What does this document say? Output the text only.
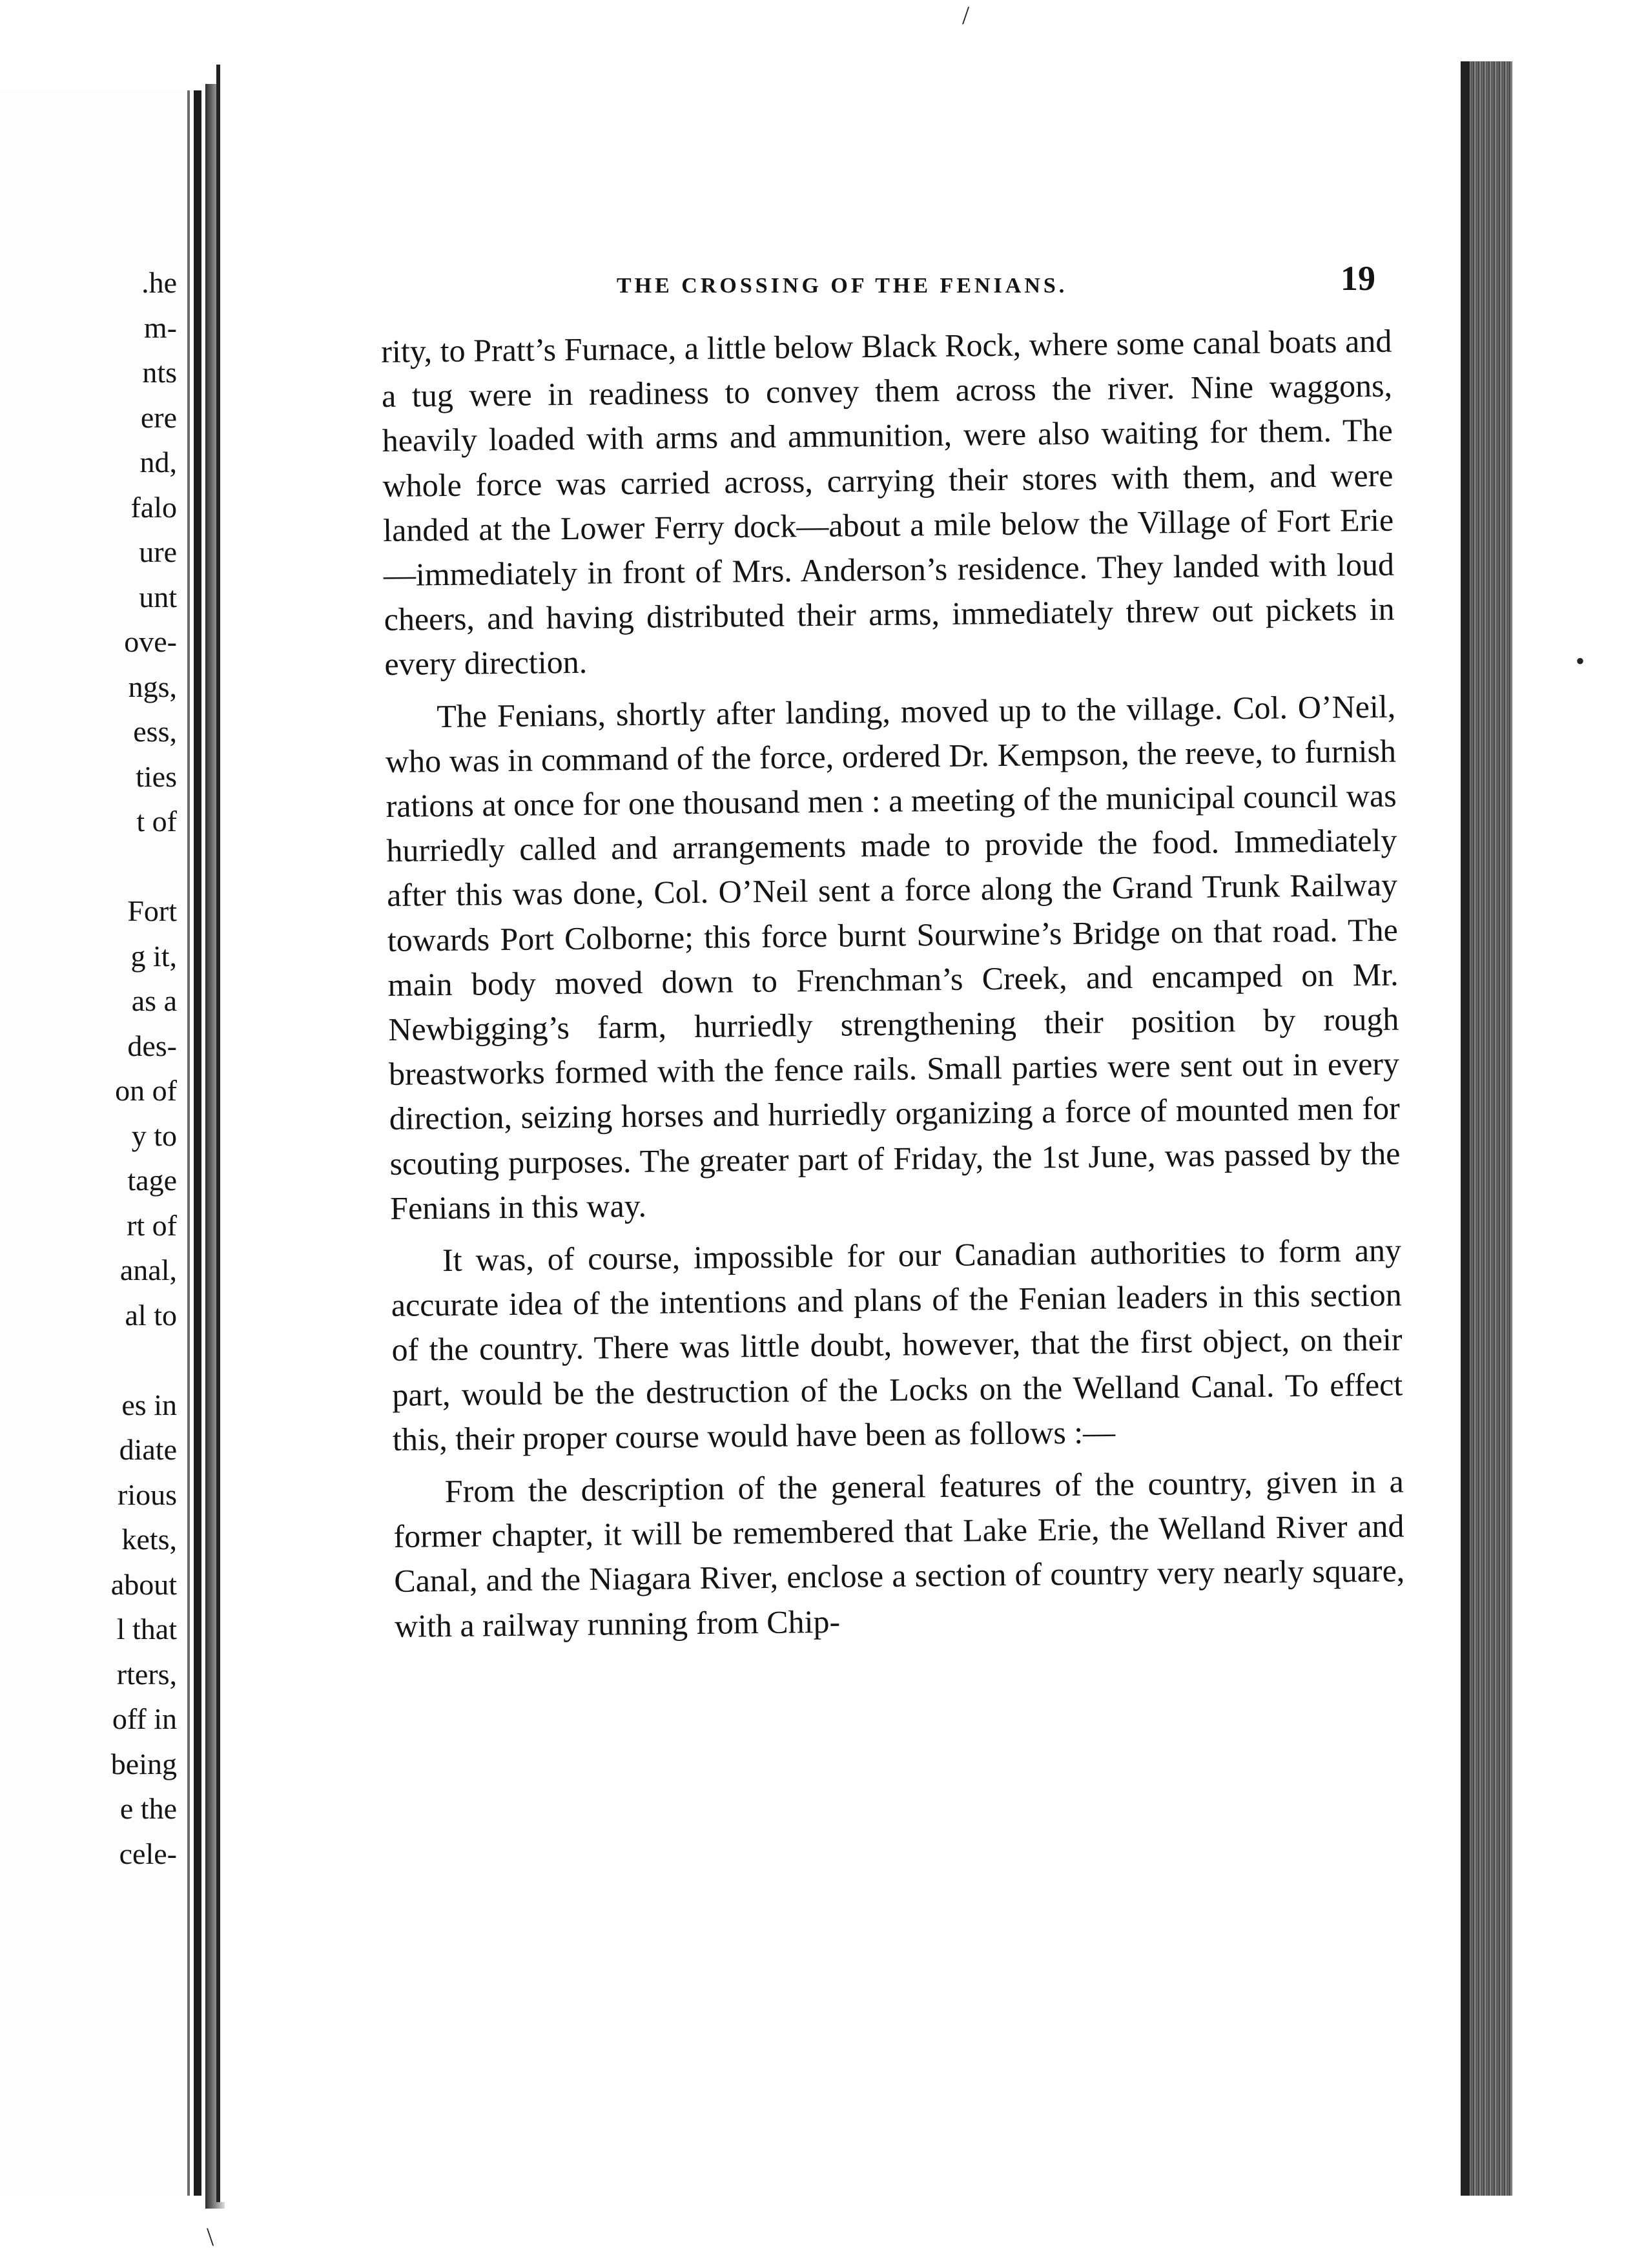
.he
m-
nts
ere
nd,
falo
ure
unt
ove-
ngs,
ess,
ties
t of
Fort
g it,
as a
des-
on of
y to
tage
rt of
anal,
al to
es in
diate
rious
kets,
about
l that
rters,
off in
being
e the
cele-
THE CROSSING OF THE FENIANS.	19

rity, to Pratt’s Furnace, a little below Black Rock, where some canal boats and a tug were in readiness to convey them across the river. Nine waggons, heavily loaded with arms and ammunition, were also waiting for them. The whole force was carried across, carrying their stores with them, and were landed at the Lower Ferry dock—about a mile below the Village of Fort Erie—immediately in front of Mrs. Anderson’s residence. They landed with loud cheers, and having distributed their arms, immediately threw out pickets in every direction.

The Fenians, shortly after landing, moved up to the village. Col. O’Neil, who was in command of the force, ordered Dr. Kempson, the reeve, to furnish rations at once for one thousand men : a meeting of the municipal council was hurriedly called and arrangements made to provide the food. Immediately after this was done, Col. O’Neil sent a force along the Grand Trunk Railway towards Port Colborne; this force burnt Sourwine’s Bridge on that road. The main body moved down to Frenchman’s Creek, and encamped on Mr. Newbigging’s farm, hurriedly strengthening their position by rough breastworks formed with the fence rails. Small parties were sent out in every direction, seizing horses and hurriedly organizing a force of mounted men for scouting purposes. The greater part of Friday, the 1st June, was passed by the Fenians in this way.

It was, of course, impossible for our Canadian authorities to form any accurate idea of the intentions and plans of the Fenian leaders in this section of the country. There was little doubt, however, that the first object, on their part, would be the destruction of the Locks on the Welland Canal. To effect this, their proper course would have been as follows :—

From the description of the general features of the country, given in a former chapter, it will be remembered that Lake Erie, the Welland River and Canal, and the Niagara River, enclose a section of country very nearly square, with a railway running from Chip-

/
•
\
